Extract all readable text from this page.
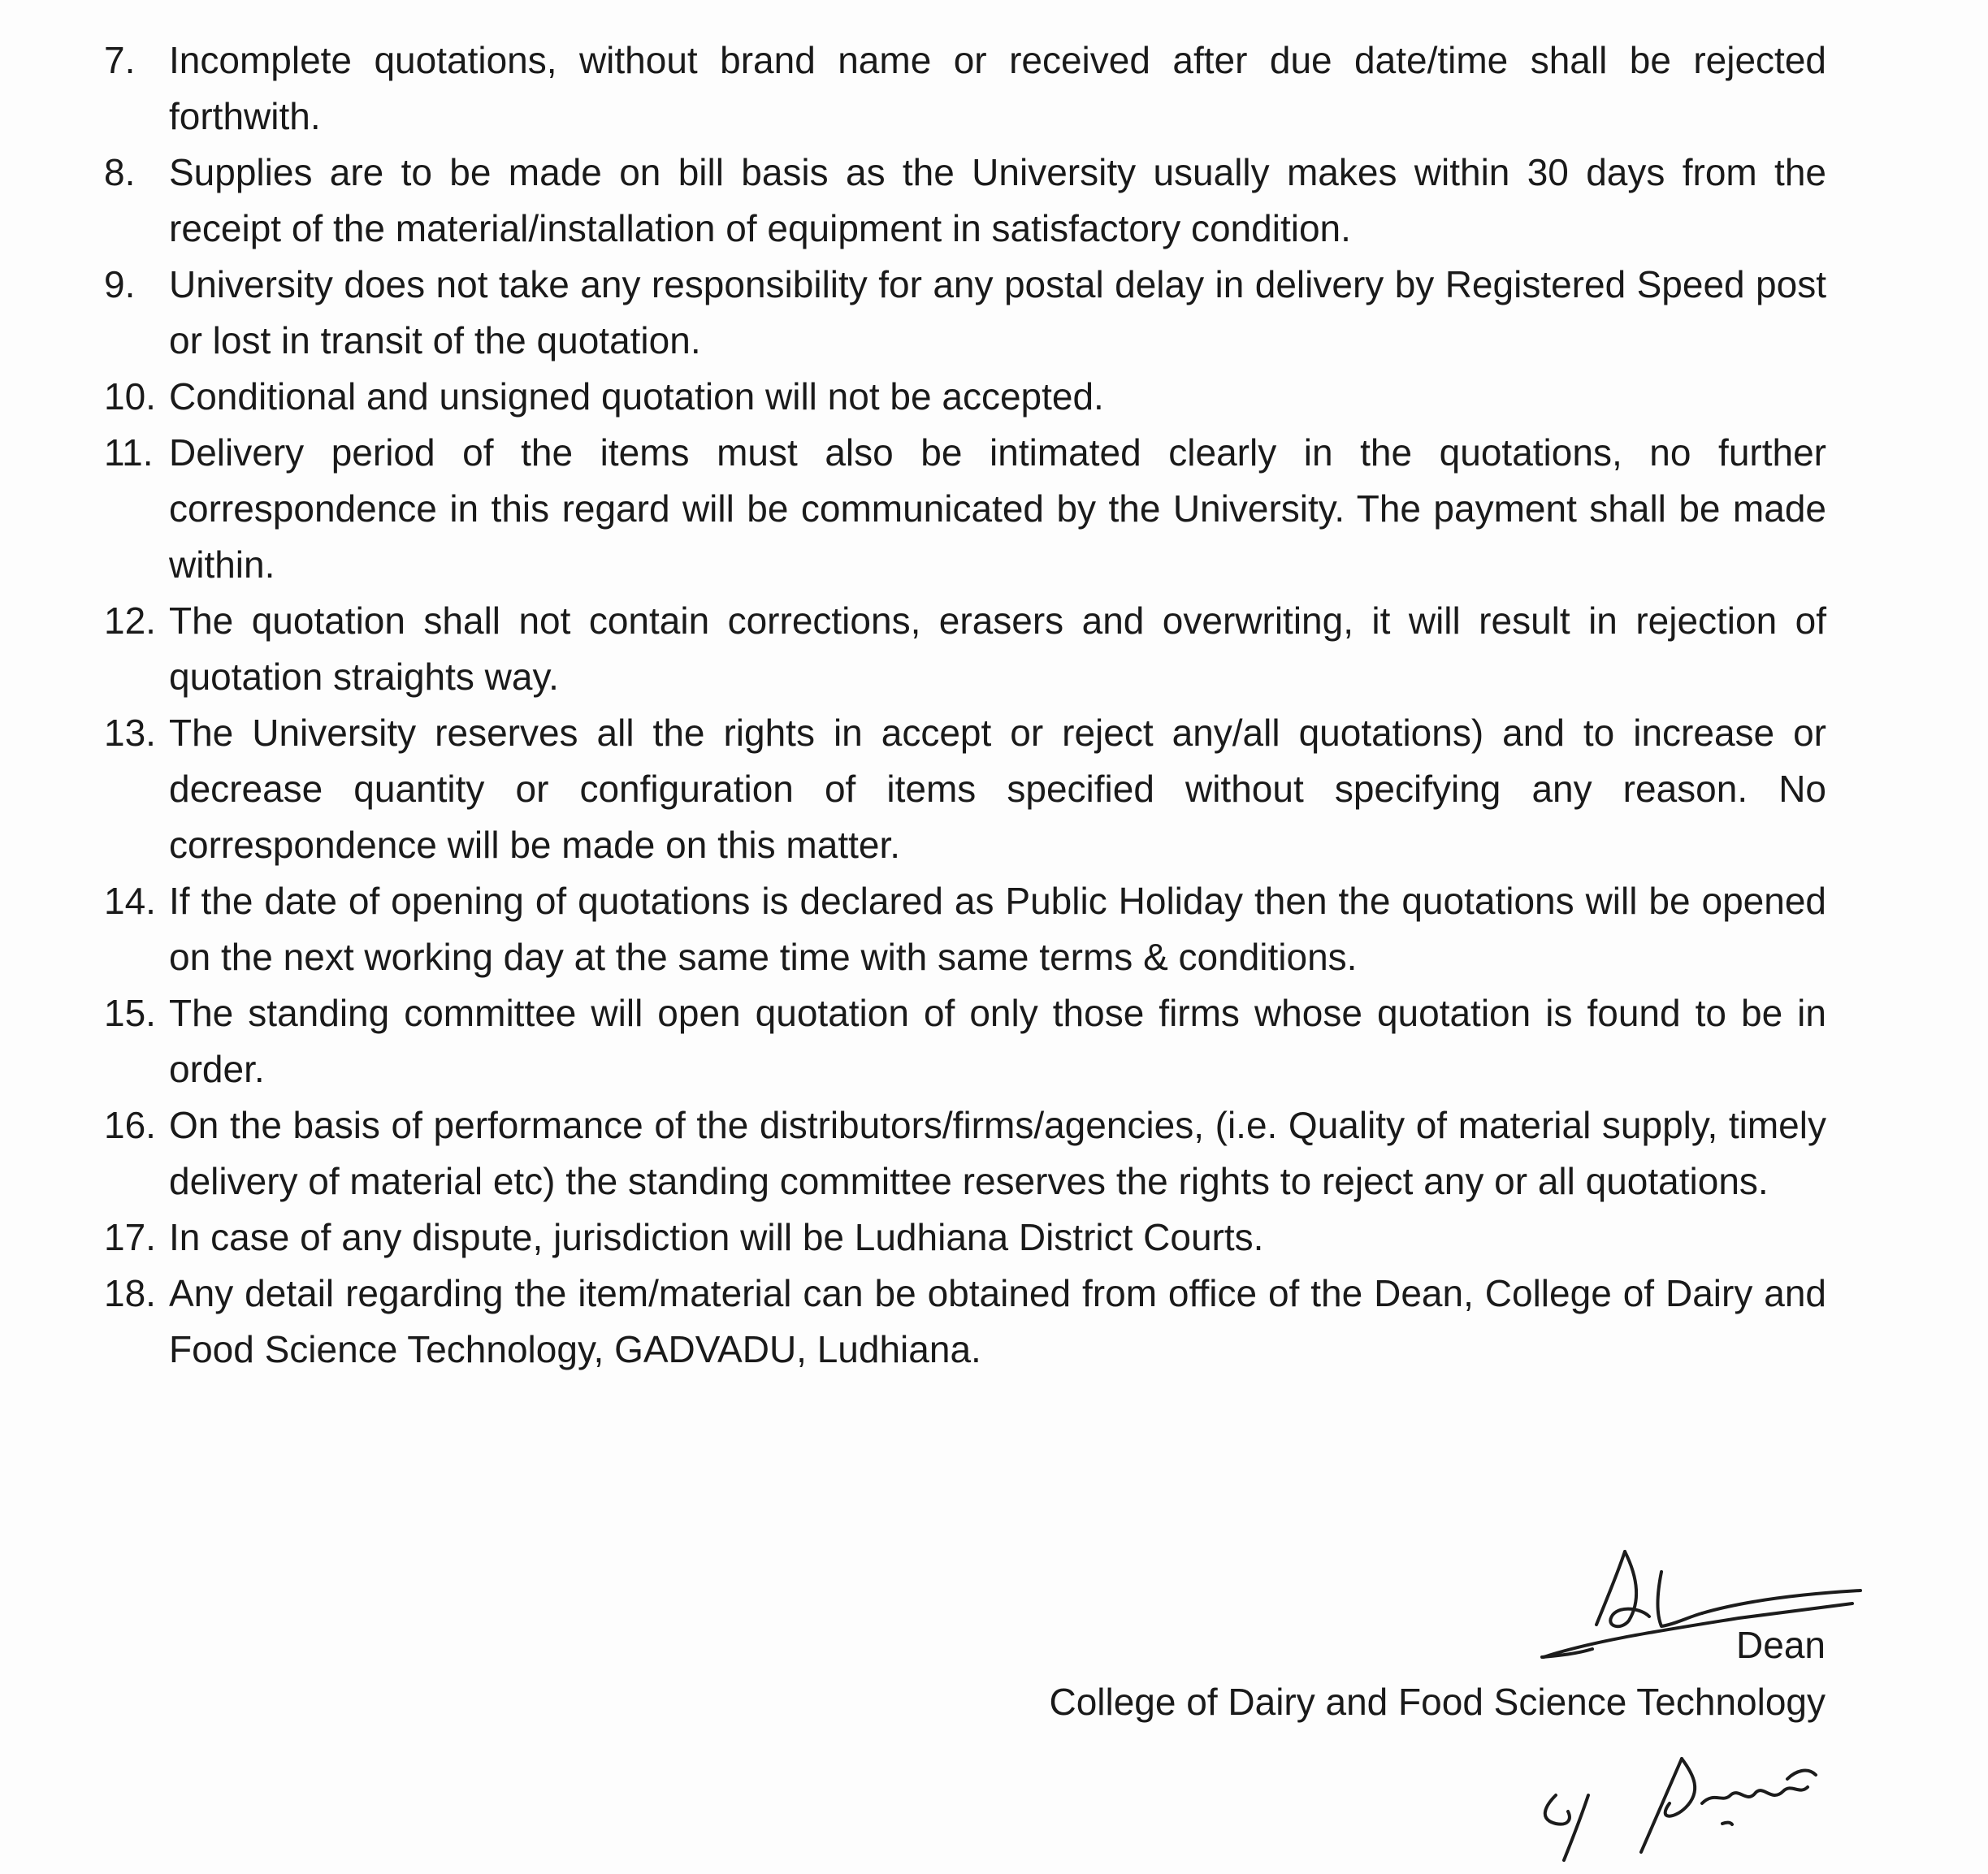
7. Incomplete quotations, without brand name or received after due date/time shall be rejected forthwith.
8. Supplies are to be made on bill basis as the University usually makes within 30 days from the receipt of the material/installation of equipment in satisfactory condition.
9. University does not take any responsibility for any postal delay in delivery by Registered Speed post or lost in transit of the quotation.
10. Conditional and unsigned quotation will not be accepted.
11. Delivery period of the items must also be intimated clearly in the quotations, no further correspondence in this regard will be communicated by the University. The payment shall be made within.
12. The quotation shall not contain corrections, erasers and overwriting, it will result in rejection of quotation straights way.
13. The University reserves all the rights in accept or reject any/all quotations) and to increase or decrease quantity or configuration of items specified without specifying any reason. No correspondence will be made on this matter.
14. If the date of opening of quotations is declared as Public Holiday then the quotations will be opened on the next working day at the same time with same terms & conditions.
15. The standing committee will open quotation of only those firms whose quotation is found to be in order.
16. On the basis of performance of the distributors/firms/agencies, (i.e. Quality of material supply, timely delivery of material etc) the standing committee reserves the rights to reject any or all quotations.
17. In case of any dispute, jurisdiction will be Ludhiana District Courts.
18. Any detail regarding the item/material can be obtained from office of the Dean, College of Dairy and Food Science Technology, GADVADU, Ludhiana.
Dean
College of Dairy and Food Science Technology
